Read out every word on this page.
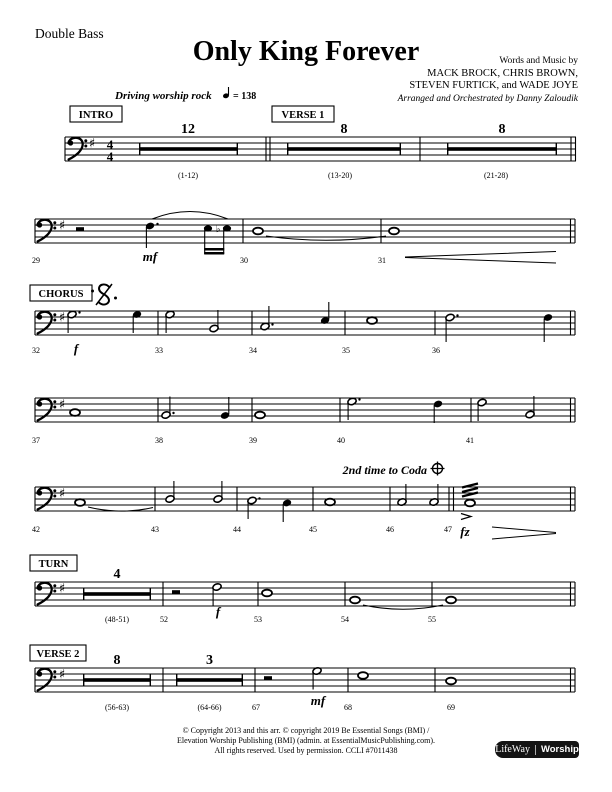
Double Bass
Only King Forever	Words and Music by
MACK BROCK, CHRIS BROWN,
STEVEN FURTICK, and WADE JOYE
Arranged and Orchestrated by Danny Zaloudik
Driving worship rock = 138
INTRO	VERSE 1
♯ 4
4
12
(1-12)
8
(13-20)
8
(21-28)
♯	♭
mf
29	30	31
CHORUS
♯
f
32	33	34	35	36
♯
37	38	39	40	41
2nd time to Coda
♯
fz
42	43	44	45	46	47
TURN
♯
4
(48-51)
f
52	53	54	55
VERSE 2
♯
8
(56-63)
3
(64-66)	mf
67	68	69
© Copyright 2013 and this arr. © copyright 2019 Be Essential Songs (BMI) /
Elevation Worship Publishing (BMI) (admin. at EssentialMusicPublishing.com).
All rights reserved. Used by permission. CCLI #7011438	LifeWay Worship
